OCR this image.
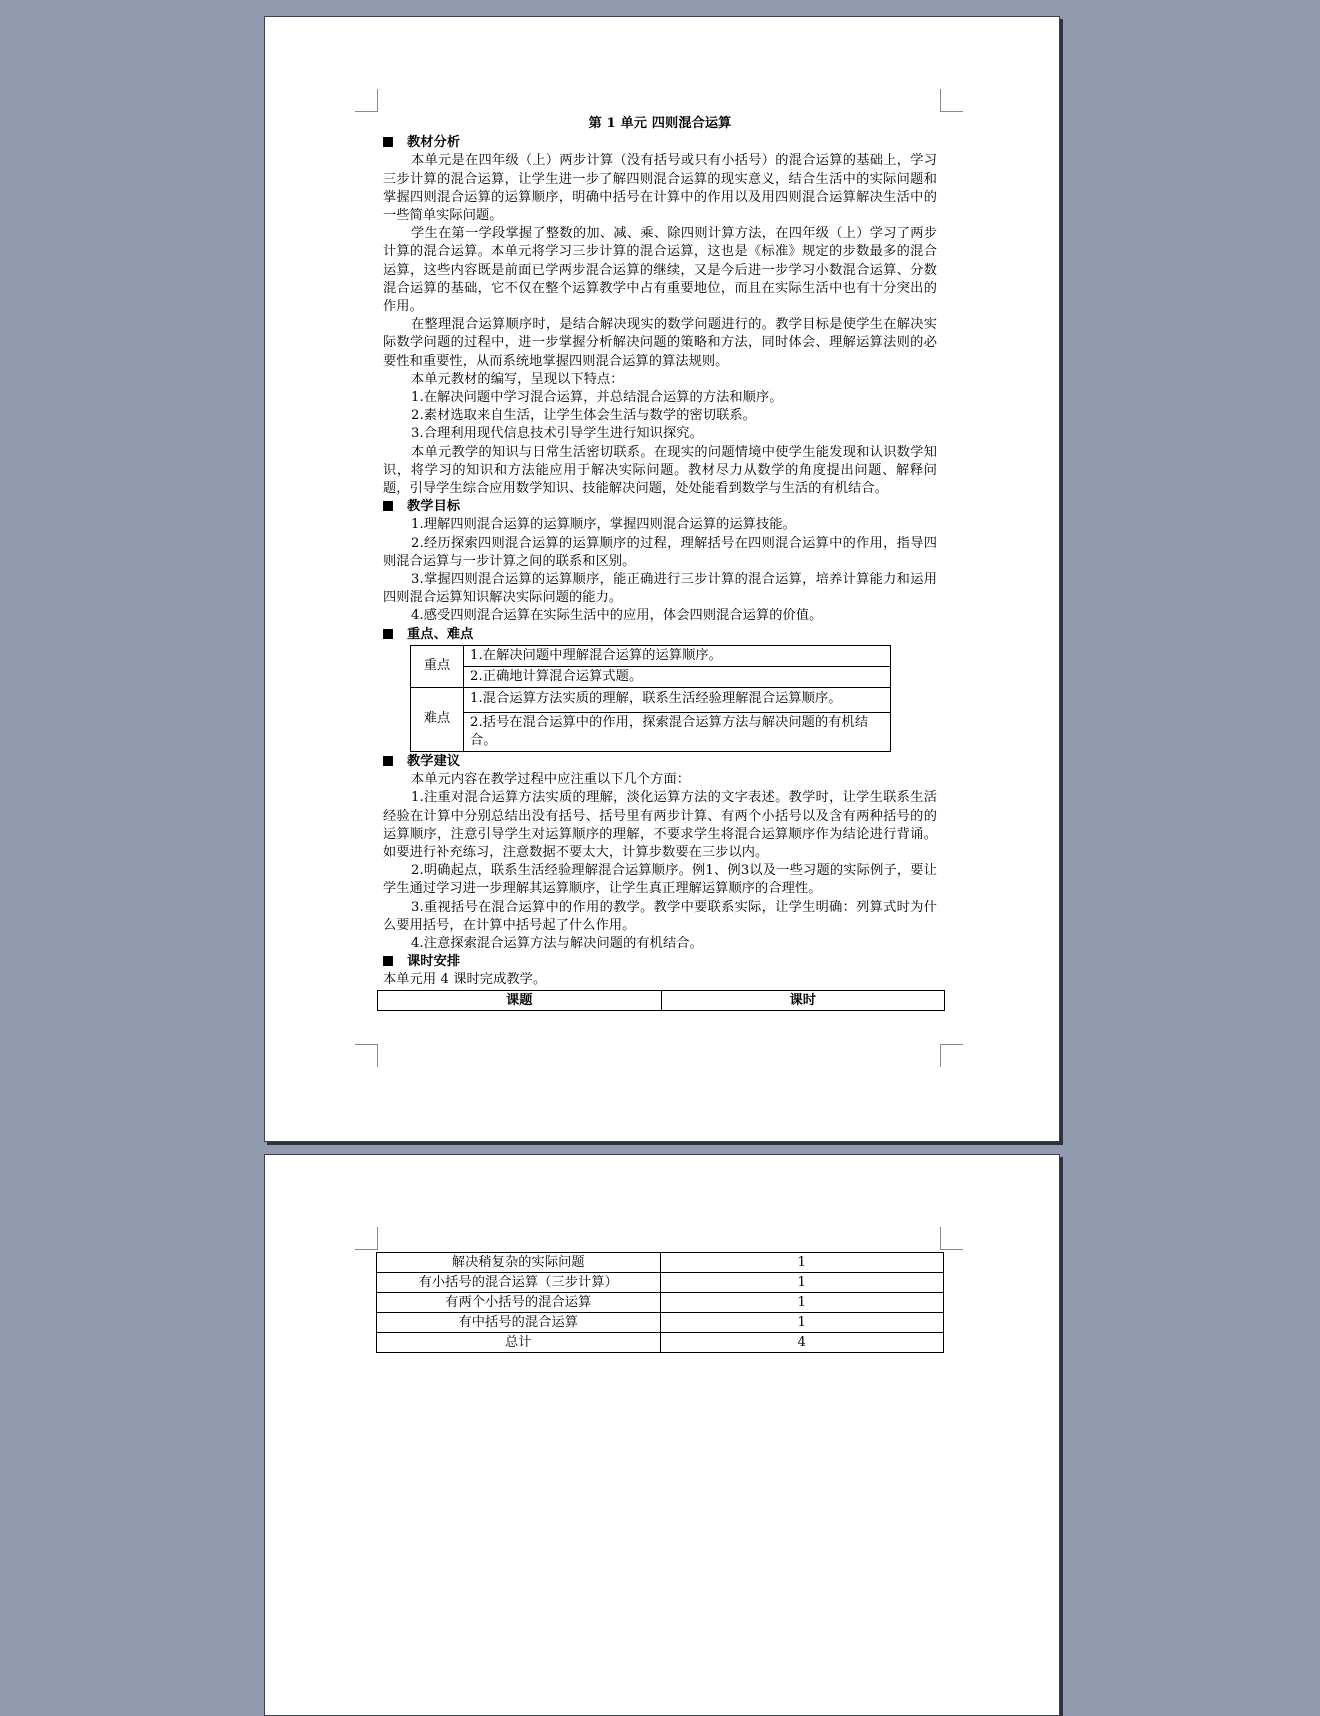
第 1 单元 四则混合运算

教材分析

本单元是在四年级（上）两步计算（没有括号或只有小括号）的混合运算的基础上，学习三步计算的混合运算，让学生进一步了解四则混合运算的现实意义，结合生活中的实际问题和掌握四则混合运算的运算顺序，明确中括号在计算中的作用以及用四则混合运算解决生活中的一些简单实际问题。

学生在第一学段掌握了整数的加、减、乘、除四则计算方法，在四年级（上）学习了两步计算的混合运算。本单元将学习三步计算的混合运算，这也是《标准》规定的步数最多的混合运算，这些内容既是前面已学两步混合运算的继续，又是今后进一步学习小数混合运算、分数混合运算的基础，它不仅在整个运算教学中占有重要地位，而且在实际生活中也有十分突出的作用。

在整理混合运算顺序时，是结合解决现实的数学问题进行的。教学目标是使学生在解决实际数学问题的过程中，进一步掌握分析解决问题的策略和方法，同时体会、理解运算法则的必要性和重要性，从而系统地掌握四则混合运算的算法规则。

本单元教材的编写，呈现以下特点：

1.在解决问题中学习混合运算，并总结混合运算的方法和顺序。

2.素材选取来自生活，让学生体会生活与数学的密切联系。

3.合理利用现代信息技术引导学生进行知识探究。

本单元教学的知识与日常生活密切联系。在现实的问题情境中使学生能发现和认识数学知识，将学习的知识和方法能应用于解决实际问题。教材尽力从数学的角度提出问题、解释问题，引导学生综合应用数学知识、技能解决问题，处处能看到数学与生活的有机结合。

教学目标

1.理解四则混合运算的运算顺序，掌握四则混合运算的运算技能。

2.经历探索四则混合运算的运算顺序的过程，理解括号在四则混合运算中的作用，指导四则混合运算与一步计算之间的联系和区别。

3.掌握四则混合运算的运算顺序，能正确进行三步计算的混合运算，培养计算能力和运用四则混合运算知识解决实际问题的能力。

4.感受四则混合运算在实际生活中的应用，体会四则混合运算的价值。

重点、难点

重点	1.在解决问题中理解混合运算的运算顺序。
	2.正确地计算混合运算式题。
难点	1.混合运算方法实质的理解，联系生活经验理解混合运算顺序。
	2.括号在混合运算中的作用，探索混合运算方法与解决问题的有机结合。

教学建议

本单元内容在教学过程中应注重以下几个方面：

1.注重对混合运算方法实质的理解，淡化运算方法的文字表述。教学时，让学生联系生活经验在计算中分别总结出没有括号、括号里有两步计算、有两个小括号以及含有两种括号的的运算顺序，注意引导学生对运算顺序的理解，不要求学生将混合运算顺序作为结论进行背诵。如要进行补充练习，注意数据不要太大，计算步数要在三步以内。

2.明确起点，联系生活经验理解混合运算顺序。例1、例3以及一些习题的实际例子，要让学生通过学习进一步理解其运算顺序，让学生真正理解运算顺序的合理性。

3.重视括号在混合运算中的作用的教学。教学中要联系实际，让学生明确：列算式时为什么要用括号，在计算中括号起了什么作用。

4.注意探索混合运算方法与解决问题的有机结合。

课时安排

本单元用 4 课时完成教学。

课题	课时
解决稍复杂的实际问题	1
有小括号的混合运算（三步计算）	1
有两个小括号的混合运算	1
有中括号的混合运算	1
总计	4
